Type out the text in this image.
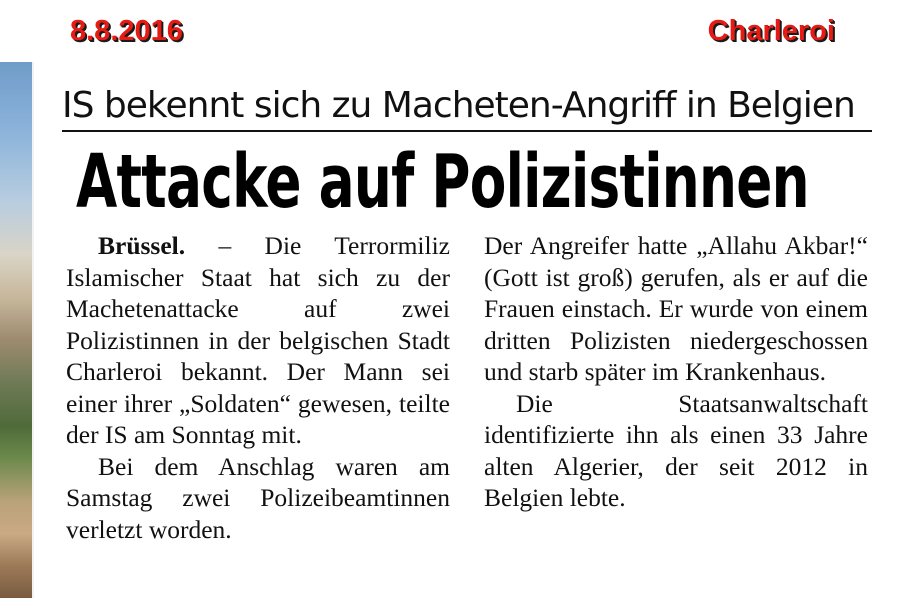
8.8.2016	Charleroi
IS bekennt sich zu Macheten-Angriff in Belgien
Attacke auf Polizistinnen

Brüssel. – Die Terrormiliz Islamischer Staat hat sich zu der Machetenattacke auf zwei Polizistinnen in der belgischen Stadt Charleroi bekannt. Der Mann sei einer ihrer „Soldaten“ gewesen, teilte der IS am Sonntag mit.

Bei dem Anschlag waren am Samstag zwei Polizeibeamtinnen verletzt worden.

Der Angreifer hatte „Allahu Akbar!“ (Gott ist groß) gerufen, als er auf die Frauen einstach. Er wurde von einem dritten Polizisten niedergeschossen und starb später im Krankenhaus.

Die Staatsanwaltschaft identifizierte ihn als einen 33 Jahre alten Algerier, der seit 2012 in Belgien lebte.
